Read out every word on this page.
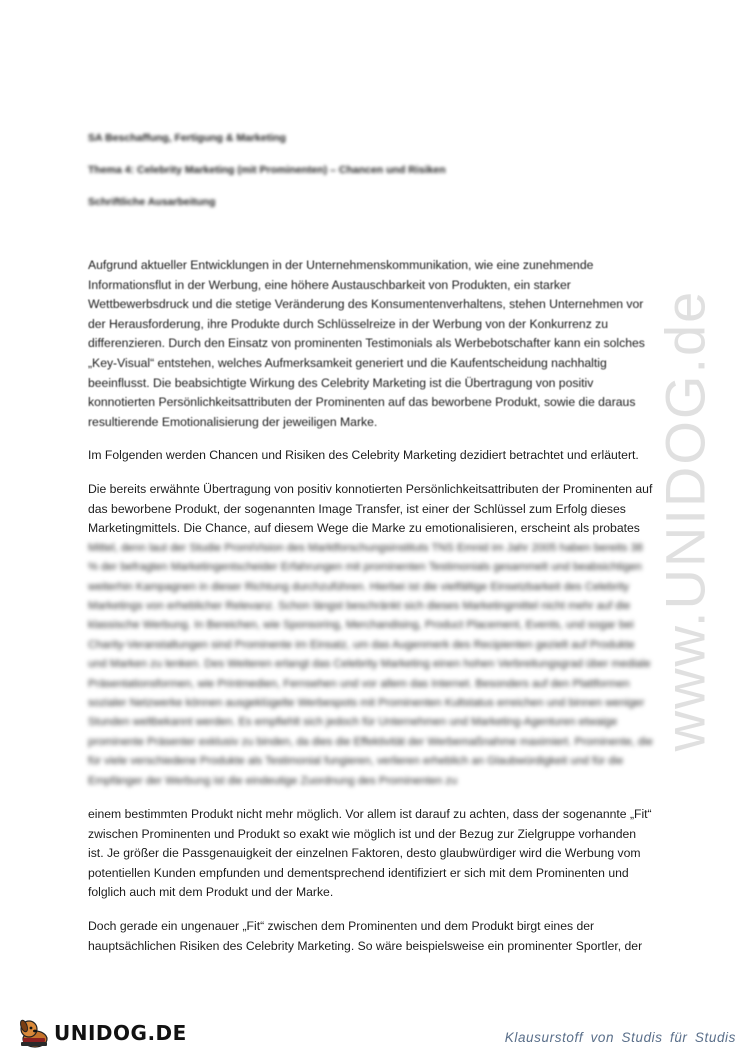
SA Beschaffung, Fertigung & Marketing
Thema 4: Celebrity Marketing (mit Prominenten) – Chancen und Risiken
Schriftliche Ausarbeitung

Aufgrund aktueller Entwicklungen in der Unternehmenskommunikation, wie eine zunehmende Informationsflut in der Werbung, eine höhere Austauschbarkeit von Produkten, ein starker Wettbewerbsdruck und die stetige Veränderung des Konsumentenverhaltens, stehen Unternehmen vor der Herausforderung, ihre Produkte durch Schlüsselreize in der Werbung von der Konkurrenz zu differenzieren. Durch den Einsatz von prominenten Testimonials als Werbebotschafter kann ein solches „Key-Visual“ entstehen, welches Aufmerksamkeit generiert und die Kaufentscheidung nachhaltig beeinflusst. Die beabsichtigte Wirkung des Celebrity Marketing ist die Übertragung von positiv konnotierten Persönlichkeitsattributen der Prominenten auf das beworbene Produkt, sowie die daraus resultierende Emotionalisierung der jeweiligen Marke.

Im Folgenden werden Chancen und Risiken des Celebrity Marketing dezidiert betrachtet und erläutert.

Die bereits erwähnte Übertragung von positiv konnotierten Persönlichkeitsattributen der Prominenten auf das beworbene Produkt, der sogenannten Image Transfer, ist einer der Schlüssel zum Erfolg dieses Marketingmittels. Die Chance, auf diesem Wege die Marke zu emotionalisieren, erscheint als probates

Mittel, denn laut der Studie PromiVision des Marktforschungsinstituts TNS Emnid im Jahr 2005 haben bereits 38 % der befragten Marketingentscheider Erfahrungen mit prominenten Testimonials gesammelt und beabsichtigen weiterhin Kampagnen in dieser Richtung durchzuführen. Hierbei ist die vielfältige Einsetzbarkeit des Celebrity Marketings von erheblicher Relevanz. Schon längst beschränkt sich dieses Marketingmittel nicht mehr auf die klassische Werbung. In Bereichen, wie Sponsoring, Merchandising, Product Placement, Events, und sogar bei Charity-Veranstaltungen sind Prominente im Einsatz, um das Augenmerk des Recipienten gezielt auf Produkte und Marken zu lenken. Des Weiteren erlangt das Celebrity Marketing einen hohen Verbreitungsgrad über mediale Präsentationsformen, wie Printmedien, Fernsehen und vor allem das Internet. Besonders auf den Plattformen sozialer Netzwerke können ausgeklügelte Werbespots mit Prominenten Kultstatus erreichen und binnen weniger Stunden weltbekannt werden. Es empfiehlt sich jedoch für Unternehmen und Marketing-Agenturen etwaige prominente Präsenter exklusiv zu binden, da dies die Effektivität der Werbemaßnahme maximiert. Prominente, die für viele verschiedene Produkte als Testimonial fungieren, verlieren erheblich an Glaubwürdigkeit und für die Empfänger der Werbung ist die eindeutige Zuordnung des Prominenten zu

einem bestimmten Produkt nicht mehr möglich. Vor allem ist darauf zu achten, dass der sogenannte „Fit“ zwischen Prominenten und Produkt so exakt wie möglich ist und der Bezug zur Zielgruppe vorhanden ist. Je größer die Passgenauigkeit der einzelnen Faktoren, desto glaubwürdiger wird die Werbung vom potentiellen Kunden empfunden und dementsprechend identifiziert er sich mit dem Prominenten und folglich auch mit dem Produkt und der Marke.

Doch gerade ein ungenauer „Fit“ zwischen dem Prominenten und dem Produkt birgt eines der hauptsächlichen Risiken des Celebrity Marketing. So wäre beispielsweise ein prominenter Sportler, der

www.UNIDOG.de
UNIDOG.DE	Klausurstoff von Studis für Studis
